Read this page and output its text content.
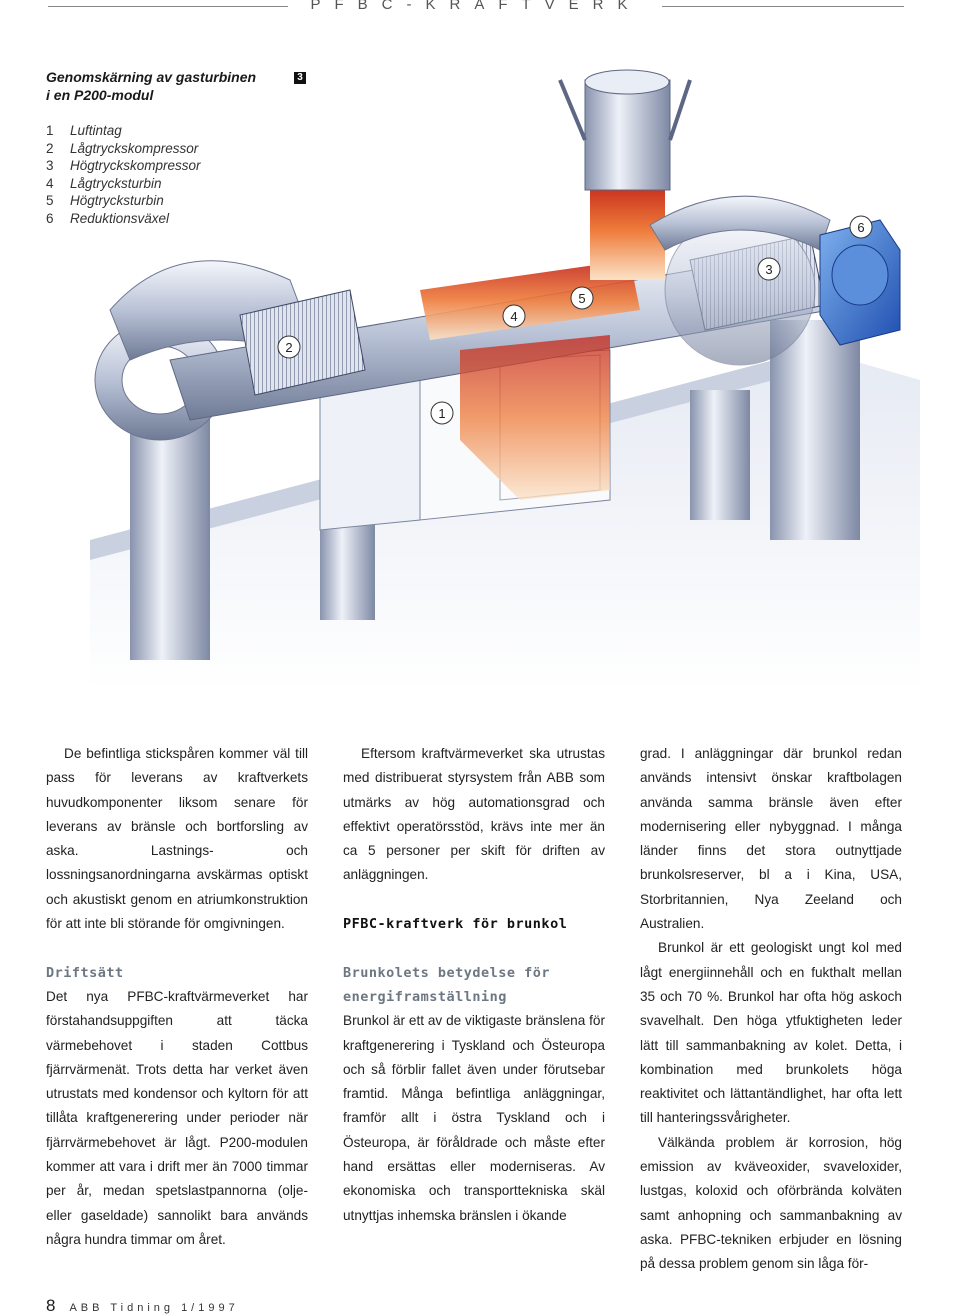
PFBC-KRAFTVERK
3

Genomskärning av gasturbinen
i en P200-modul

1	Luftintag
2	Lågtryckskompressor
3	Högtryckskompressor
4	Lågtrycksturbin
5	Högtrycksturbin
6	Reduktionsväxel
1
2
3
4
5
6

De befintliga stickspåren kommer väl till pass för leverans av kraftverkets huvudkomponenter liksom senare för leverans av bränsle och bortforsling av aska. Lastnings- och lossningsanordningarna avskärmas optiskt och akustiskt genom en atriumkonstruktion för att inte bli störande för omgivningen.

Driftsätt

Det nya PFBC-kraftvärmeverket har förstahandsuppgiften att täcka värmebehovet i staden Cottbus fjärrvärmenät. Trots detta har verket även utrustats med kondensor och kyltorn för att tillåta kraftgenerering under perioder när fjärrvärmebehovet är lågt. P200-modulen kommer att vara i drift mer än 7000 timmar per år, medan spetslastpannorna (olje- eller gaseldade) sannolikt bara används några hundra timmar om året.

Eftersom kraftvärmeverket ska utrustas med distribuerat styrsystem från ABB som utmärks av hög automationsgrad och effektivt operatörsstöd, krävs inte mer än ca 5 personer per skift för driften av anläggningen.

PFBC-kraftverk för brunkol

Brunkolets betydelse för

energiframställning

Brunkol är ett av de viktigaste bränslena för kraftgenerering i Tyskland och Östeuropa och så förblir fallet även under förutsebar framtid. Många befintliga anläggningar, framför allt i östra Tyskland och i Östeuropa, är föråldrade och måste efter hand ersättas eller moderniseras. Av ekonomiska och transporttekniska skäl utnyttjas inhemska bränslen i ökande

grad. I anläggningar där brunkol redan används intensivt önskar kraftbolagen använda samma bränsle även efter modernisering eller nybyggnad. I många länder finns det stora outnyttjade brunkolsreserver, bl a i Kina, USA, Storbritannien, Nya Zeeland och Australien.

Brunkol är ett geologiskt ungt kol med lågt energiinnehåll och en fukthalt mellan 35 och 70 %. Brunkol har ofta hög askoch svavelhalt. Den höga ytfuktigheten leder lätt till sammanbakning av kolet. Detta, i kombination med brunkolets höga reaktivitet och lättantändlighet, har ofta lett till hanteringssvårigheter.

Välkända problem är korrosion, hög emission av kväveoxider, svaveloxider, lustgas, koloxid och oförbrända kolväten samt anhopning och sammanbakning av aska. PFBC-tekniken erbjuder en lösning på dessa problem genom sin låga för-

8 ABB Tidning 1/1997
